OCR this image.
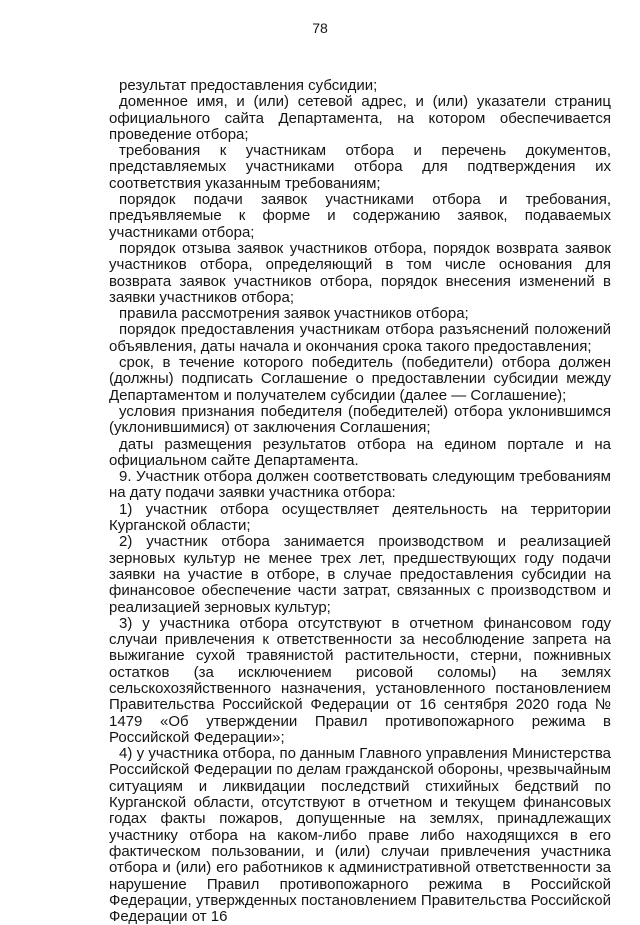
78

результат предоставления субсидии;

доменное имя, и (или) сетевой адрес, и (или) указатели страниц официального сайта Департамента, на котором обеспечивается проведение отбора;

требования к участникам отбора и перечень документов, представляемых участниками отбора для подтверждения их соответствия указанным требованиям;

порядок подачи заявок участниками отбора и требования, предъявляемые к форме и содержанию заявок, подаваемых участниками отбора;

порядок отзыва заявок участников отбора, порядок возврата заявок участников отбора, определяющий в том числе основания для возврата заявок участников отбора, порядок внесения изменений в заявки участников отбора;

правила рассмотрения заявок участников отбора;

порядок предоставления участникам отбора разъяснений положений объявления, даты начала и окончания срока такого предоставления;

срок, в течение которого победитель (победители) отбора должен (должны) подписать Соглашение о предоставлении субсидии между Департаментом и получателем субсидии (далее — Соглашение);

условия признания победителя (победителей) отбора уклонившимся (уклонившимися) от заключения Соглашения;

даты размещения результатов отбора на едином портале и на официальном сайте Департамента.

9. Участник отбора должен соответствовать следующим требованиям на дату подачи заявки участника отбора:

1) участник отбора осуществляет деятельность на территории Курганской области;

2) участник отбора занимается производством и реализацией зерновых культур не менее трех лет, предшествующих году подачи заявки на участие в отборе, в случае предоставления субсидии на финансовое обеспечение части затрат, связанных с производством и реализацией зерновых культур;

3) у участника отбора отсутствуют в отчетном финансовом году случаи привлечения к ответственности за несоблюдение запрета на выжигание сухой травянистой растительности, стерни, пожнивных остатков (за исключением рисовой соломы) на землях сельскохозяйственного назначения, установленного постановлением Правительства Российской Федерации от 16 сентября 2020 года № 1479 «Об утверждении Правил противопожарного режима в Российской Федерации»;

4) у участника отбора, по данным Главного управления Министерства Российской Федерации по делам гражданской обороны, чрезвычайным ситуациям и ликвидации последствий стихийных бедствий по Курганской области, отсутствуют в отчетном и текущем финансовых годах факты пожаров, допущенные на землях, принадлежащих участнику отбора на каком-либо праве либо находящихся в его фактическом пользовании, и (или) случаи привлечения участника отбора и (или) его работников к административной ответственности за нарушение Правил противопожарного режима в Российской Федерации, утвержденных постановлением Правительства Российской Федерации от 16
